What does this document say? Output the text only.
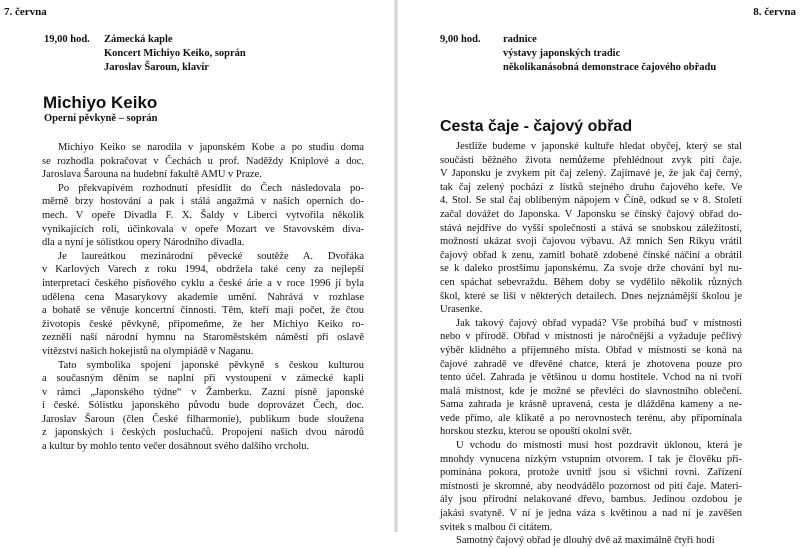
7. června
19,00 hod. Zámecká kaple
Koncert Michiyo Keiko, soprán
Jaroslav Šaroun, klavír
Michiyo Keiko
Operní pěvkyně – soprán
Michiyo Keiko se narodila v japonském Kobe a po studiu doma
se rozhodla pokračovat v Čechách u prof. Naděždy Kniplové a doc.
Jaroslava Šarouna na hudební fakultě AMU v Praze.
Po překvapivém rozhodnutí přesídlit do Čech následovala po-
měrně brzy hostování a pak i stálá angažmá v našich operních do-
mech. V opeře Divadla F. X. Šaldy v Liberci vytvořila několik
vynikajících rolí, účinkovala v opeře Mozart ve Stavovském diva-
dla a nyní je sólistkou opery Národního divadla.
Je laureátkou mezinárodní pěvecké soutěže A. Dvořáka
v Karlových Varech z roku 1994, obdržela také ceny za nejlepší
interpretaci českého písňového cyklu a české árie a v roce 1996 jí byla
udělena cena Masarykovy akademie umění. Nahrává v rozhlase
a bohatě se věnuje koncertní činnosti. Těm, kteří mají počet, že čtou
životopis české pěvkyně, připomeňme, že her Michiyo Keiko ro-
zeznělí naší národní hymnu na Staroměstském náměstí při oslavě
vítězství našich hokejistů na olympiádě v Naganu.
Tato symbolika spojení japonské pěvkyně s českou kulturou
a současným děním se naplní při vystoupení v zámecké kapli
v rámci „Japonského týdne“ v Žamberku. Zazní písně japonské
i české. Sólistku japonského původu bude doprovázet Čech, doc.
Jaroslav Šaroun (člen České filharmonie), publikum bude sloužena
z japonských i českých posluchačů. Propojení našich dvou národů
a kultur by mohlo tento večer dosáhnout svého dalšího vrcholu.
8. června
9,00 hod. radnice
výstavy japonských tradic
několikanásobná demonstrace čajového obřadu
Cesta čaje - čajový obřad
Jestliže budeme v japonské kultuře hledat obyčej, který se stal
součástí běžného života nemůžeme přehlédnout zvyk pití čaje.
V Japonsku je zvykem pít čaj zelený. Zajímavé je, že jak čaj černý,
tak čaj zelený pochází z lístků stejného druhu čajového keře. Ve
4. Stol. Se stal čaj oblíbeným nápojem v Číně, odkud se v 8. Století
začal dovážet do Japonska. V Japonsku se čínský čajový obřad do-
stává nejdříve do vyšší společnosti a stává se snobskou záležitostí,
možností ukázat svoji čajovou výbavu. Až mnich Sen Rikyu vrátil
čajový obřad k zenu, zamítl bohatě zdobené čínské náčiní a obrátil
se k daleko prostšímu japonskému. Za svoje drže chování byl nu-
cen spáchat sebevraždu. Během doby se vydělilo několik různých
škol, které se liší v některých detailech. Dnes nejznámější školou je
Urasenke.
Jak takový čajový obřad vypadá? Vše probíhá buď v místnosti
nebo v přírodě. Obřad v místnosti je náročnější a vyžaduje pečlivý
výběr klidného a příjemného místa. Obřad v místnosti se koná na
čajové zahradě ve dřevěné chatce, která je zhotovena pouze pro
tento účel. Zahrada je většinou u domu hostitele. Vchod na ni tvoří
malá místnost, kde je možné se převléci do slavnostního oblečení.
Sama zahrada je krásně upravená, cesta je dlážděna kameny a ne-
vede přímo, ale klikatě a po nerovnostech terénu, aby připomínala
horskou stezku, kterou se opouští okolní svět.
U vchodu do místnosti musí host pozdravit úklonou, která je
mnohdy vynucena nízkým vstupním otvorem. I tak je člověku při-
pomínána pokora, protože uvnitř jsou si všichni rovni. Zařízení
místnosti je skromné, aby neodvádělo pozornost od pití čaje. Materi-
ály jsou přírodní nelakované dřevo, bambus. Jedinou ozdobou je
jakási svatyně. V ní je jedna váza s květinou a nad ní je zavěšen
svitek s malbou či citátem.
Samotný čajový obřad je dlouhý dvě až maximálně čtyři hodi
